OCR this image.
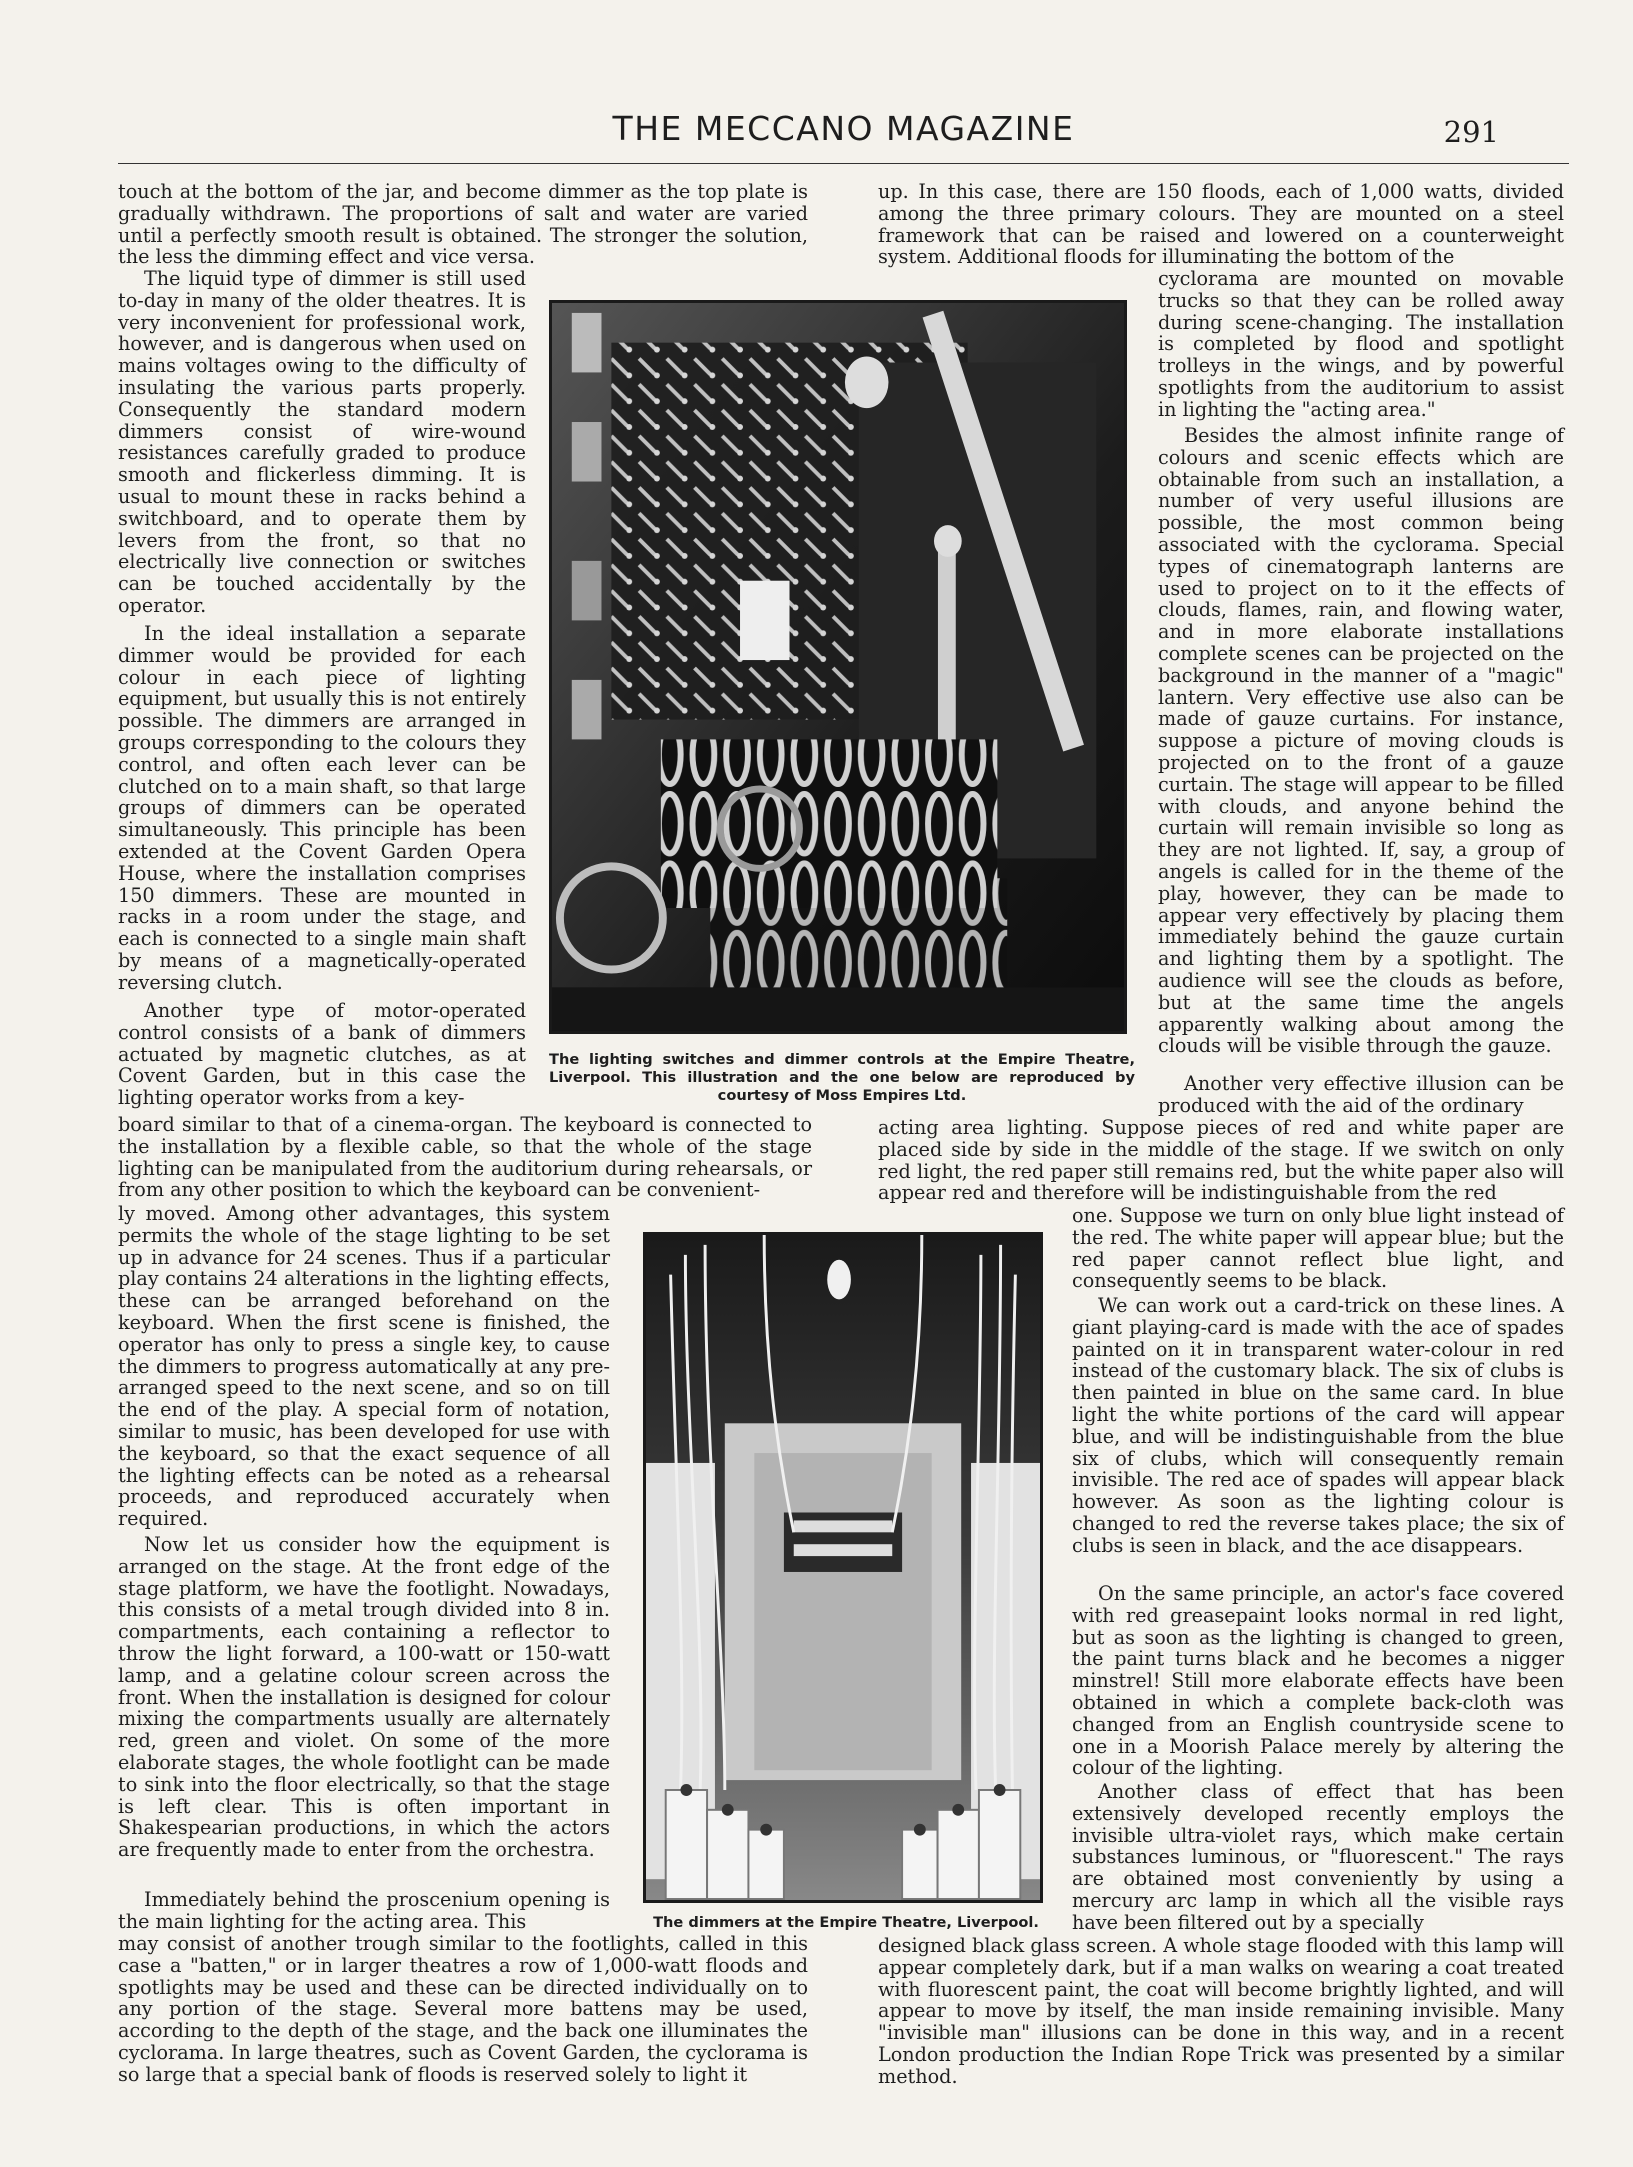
THE MECCANO MAGAZINE	291

touch at the bottom of the jar, and become dimmer as the top plate is gradually withdrawn. The proportions of salt and water are varied until a perfectly smooth result is obtained. The stronger the solution, the less the dimming effect and vice versa.

The liquid type of dimmer is still used to-day in many of the older theatres. It is very inconvenient for professional work, however, and is dangerous when used on mains voltages owing to the difficulty of insulating the various parts properly. Consequently the standard modern dimmers consist of wire-wound resistances carefully graded to produce smooth and flickerless dimming. It is usual to mount these in racks behind a switchboard, and to operate them by levers from the front, so that no electrically live connection or switches can be touched accidentally by the operator.

In the ideal installation a separate dimmer would be provided for each colour in each piece of lighting equipment, but usually this is not entirely possible. The dimmers are arranged in groups corresponding to the colours they control, and often each lever can be clutched on to a main shaft, so that large groups of dimmers can be operated simultaneously. This principle has been extended at the Covent Garden Opera House, where the installation comprises 150 dimmers. These are mounted in racks in a room under the stage, and each is connected to a single main shaft by means of a magnetically-operated reversing clutch.

Another type of motor-operated control consists of a bank of dimmers actuated by magnetic clutches, as at Covent Garden, but in this case the lighting operator works from a key-

board similar to that of a cinema-organ. The keyboard is connected to the installation by a flexible cable, so that the whole of the stage lighting can be manipulated from the auditorium during rehearsals, or from any other position to which the keyboard can be convenient-

ly moved. Among other advantages, this system permits the whole of the stage lighting to be set up in advance for 24 scenes. Thus if a particular play contains 24 alterations in the lighting effects, these can be arranged beforehand on the keyboard. When the first scene is finished, the operator has only to press a single key, to cause the dimmers to progress automatically at any pre-arranged speed to the next scene, and so on till the end of the play. A special form of notation, similar to music, has been developed for use with the keyboard, so that the exact sequence of all the lighting effects can be noted as a rehearsal proceeds, and reproduced accurately when required.

Now let us consider how the equipment is arranged on the stage. At the front edge of the stage platform, we have the footlight. Nowadays, this consists of a metal trough divided into 8 in. compartments, each containing a reflector to throw the light forward, a 100-watt or 150-watt lamp, and a gelatine colour screen across the front. When the installation is designed for colour mixing the compartments usually are alternately red, green and violet. On some of the more elaborate stages, the whole footlight can be made to sink into the floor electrically, so that the stage is left clear. This is often important in Shakespearian productions, in which the actors are frequently made to enter from the orchestra.

Immediately behind the proscenium opening is the main lighting for the acting area. This

may consist of another trough similar to the footlights, called in this case a "batten," or in larger theatres a row of 1,000-watt floods and spotlights may be used and these can be directed individually on to any portion of the stage. Several more battens may be used, according to the depth of the stage, and the back one illuminates the cyclorama. In large theatres, such as Covent Garden, the cyclorama is so large that a special bank of floods is reserved solely to light it

up. In this case, there are 150 floods, each of 1,000 watts, divided among the three primary colours. They are mounted on a steel framework that can be raised and lowered on a counterweight system. Additional floods for illuminating the bottom of the

cyclorama are mounted on movable trucks so that they can be rolled away during scene-changing. The installation is completed by flood and spotlight trolleys in the wings, and by powerful spotlights from the auditorium to assist in lighting the "acting area."

Besides the almost infinite range of colours and scenic effects which are obtainable from such an installation, a number of very useful illusions are possible, the most common being associated with the cyclorama. Special types of cinematograph lanterns are used to project on to it the effects of clouds, flames, rain, and flowing water, and in more elaborate installations complete scenes can be projected on the background in the manner of a "magic" lantern. Very effective use also can be made of gauze curtains. For instance, suppose a picture of moving clouds is projected on to the front of a gauze curtain. The stage will appear to be filled with clouds, and anyone behind the curtain will remain invisible so long as they are not lighted. If, say, a group of angels is called for in the theme of the play, however, they can be made to appear very effectively by placing them immediately behind the gauze curtain and lighting them by a spotlight. The audience will see the clouds as before, but at the same time the angels apparently walking about among the clouds will be visible through the gauze.

Another very effective illusion can be produced with the aid of the ordinary

acting area lighting. Suppose pieces of red and white paper are placed side by side in the middle of the stage. If we switch on only red light, the red paper still remains red, but the white paper also will appear red and therefore will be indistinguishable from the red

one. Suppose we turn on only blue light instead of the red. The white paper will appear blue; but the red paper cannot reflect blue light, and consequently seems to be black.

We can work out a card-trick on these lines. A giant playing-card is made with the ace of spades painted on it in transparent water-colour in red instead of the customary black. The six of clubs is then painted in blue on the same card. In blue light the white portions of the card will appear blue, and will be indistinguishable from the blue six of clubs, which will consequently remain invisible. The red ace of spades will appear black however. As soon as the lighting colour is changed to red the reverse takes place; the six of clubs is seen in black, and the ace disappears.

On the same principle, an actor's face covered with red greasepaint looks normal in red light, but as soon as the lighting is changed to green, the paint turns black and he becomes a nigger minstrel! Still more elaborate effects have been obtained in which a complete back-cloth was changed from an English countryside scene to one in a Moorish Palace merely by altering the colour of the lighting.

Another class of effect that has been extensively developed recently employs the invisible ultra-violet rays, which make certain substances luminous, or "fluorescent." The rays are obtained most conveniently by using a mercury arc lamp in which all the visible rays have been filtered out by a specially

designed black glass screen. A whole stage flooded with this lamp will appear completely dark, but if a man walks on wearing a coat treated with fluorescent paint, the coat will become brightly lighted, and will appear to move by itself, the man inside remaining invisible. Many "invisible man" illusions can be done in this way, and in a recent London production the Indian Rope Trick was presented by a similar method.

The lighting switches and dimmer controls at the Empire Theatre, Liverpool. This illustration and the one below are reproduced by courtesy of Moss Empires Ltd.

The dimmers at the Empire Theatre, Liverpool.
